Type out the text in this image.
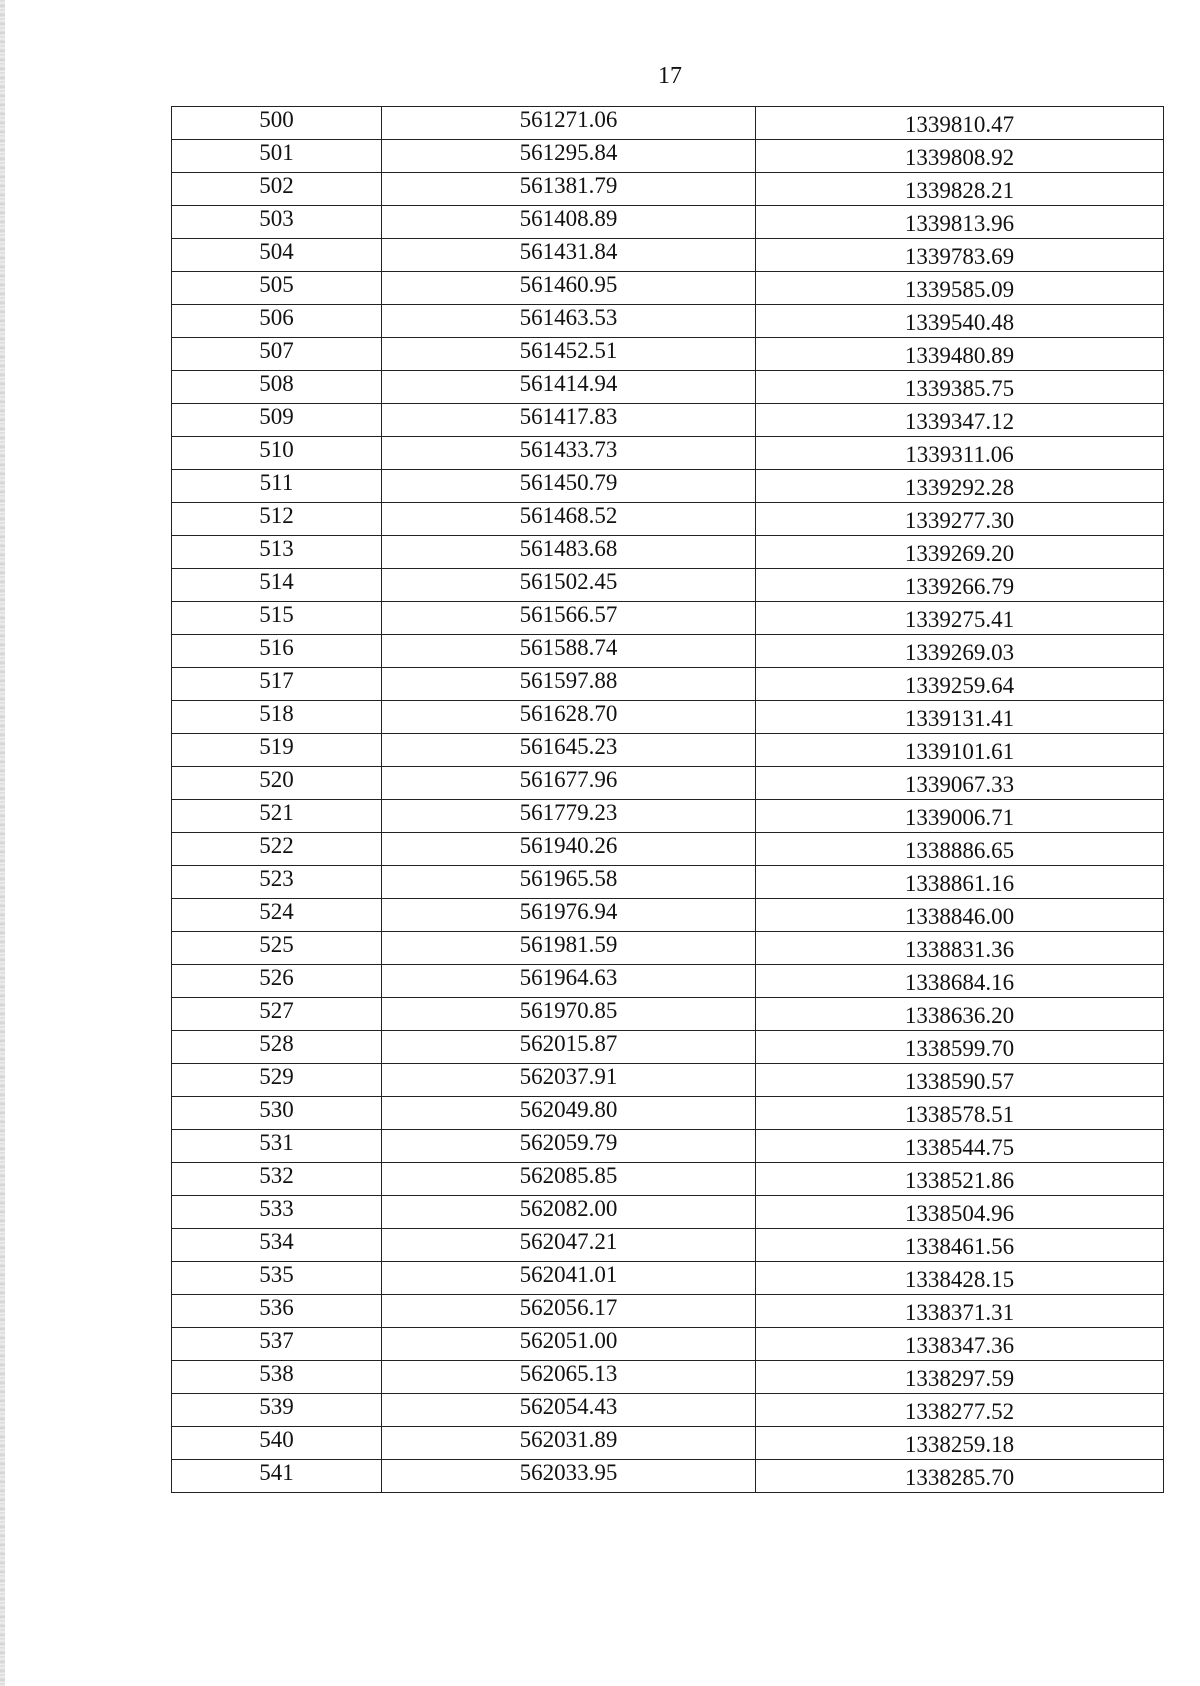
17
500	561271.06	1339810.47
501	561295.84	1339808.92
502	561381.79	1339828.21
503	561408.89	1339813.96
504	561431.84	1339783.69
505	561460.95	1339585.09
506	561463.53	1339540.48
507	561452.51	1339480.89
508	561414.94	1339385.75
509	561417.83	1339347.12
510	561433.73	1339311.06
511	561450.79	1339292.28
512	561468.52	1339277.30
513	561483.68	1339269.20
514	561502.45	1339266.79
515	561566.57	1339275.41
516	561588.74	1339269.03
517	561597.88	1339259.64
518	561628.70	1339131.41
519	561645.23	1339101.61
520	561677.96	1339067.33
521	561779.23	1339006.71
522	561940.26	1338886.65
523	561965.58	1338861.16
524	561976.94	1338846.00
525	561981.59	1338831.36
526	561964.63	1338684.16
527	561970.85	1338636.20
528	562015.87	1338599.70
529	562037.91	1338590.57
530	562049.80	1338578.51
531	562059.79	1338544.75
532	562085.85	1338521.86
533	562082.00	1338504.96
534	562047.21	1338461.56
535	562041.01	1338428.15
536	562056.17	1338371.31
537	562051.00	1338347.36
538	562065.13	1338297.59
539	562054.43	1338277.52
540	562031.89	1338259.18
541	562033.95	1338285.70
